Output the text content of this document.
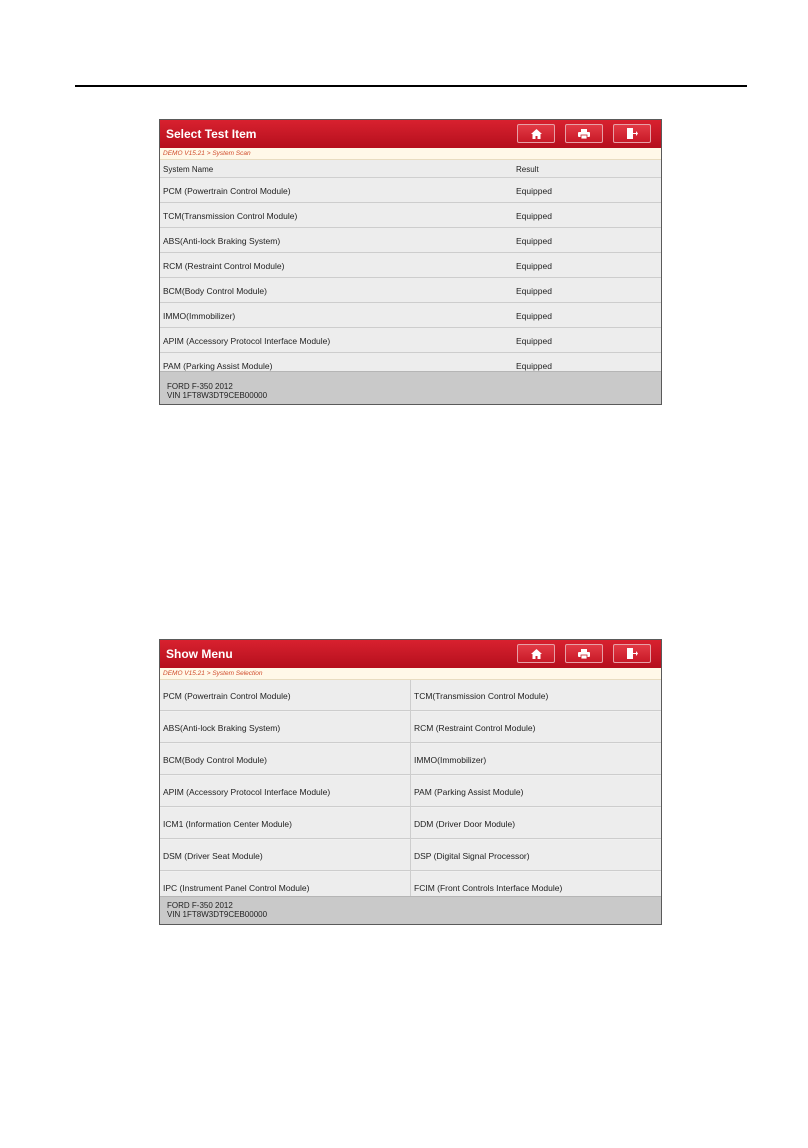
Select Test Item
DEMO V15.21 > System Scan
System Name	Result
PCM (Powertrain Control Module)	Equipped
TCM(Transmission Control Module)	Equipped
ABS(Anti-lock Braking System)	Equipped
RCM (Restraint Control Module)	Equipped
BCM(Body Control Module)	Equipped
IMMO(Immobilizer)	Equipped
APIM (Accessory Protocol Interface Module)	Equipped
PAM (Parking Assist Module)	Equipped
FORD F-350 2012
VIN 1FT8W3DT9CEB00000
Show Menu
DEMO V15.21 > System Selection
PCM (Powertrain Control Module)	TCM(Transmission Control Module)
ABS(Anti-lock Braking System)	RCM (Restraint Control Module)
BCM(Body Control Module)	IMMO(Immobilizer)
APIM (Accessory Protocol Interface Module)	PAM (Parking Assist Module)
ICM1 (Information Center Module)	DDM (Driver Door Module)
DSM (Driver Seat Module)	DSP (Digital Signal Processor)
IPC (Instrument Panel Control Module)	FCIM (Front Controls Interface Module)
FORD F-350 2012
VIN 1FT8W3DT9CEB00000
